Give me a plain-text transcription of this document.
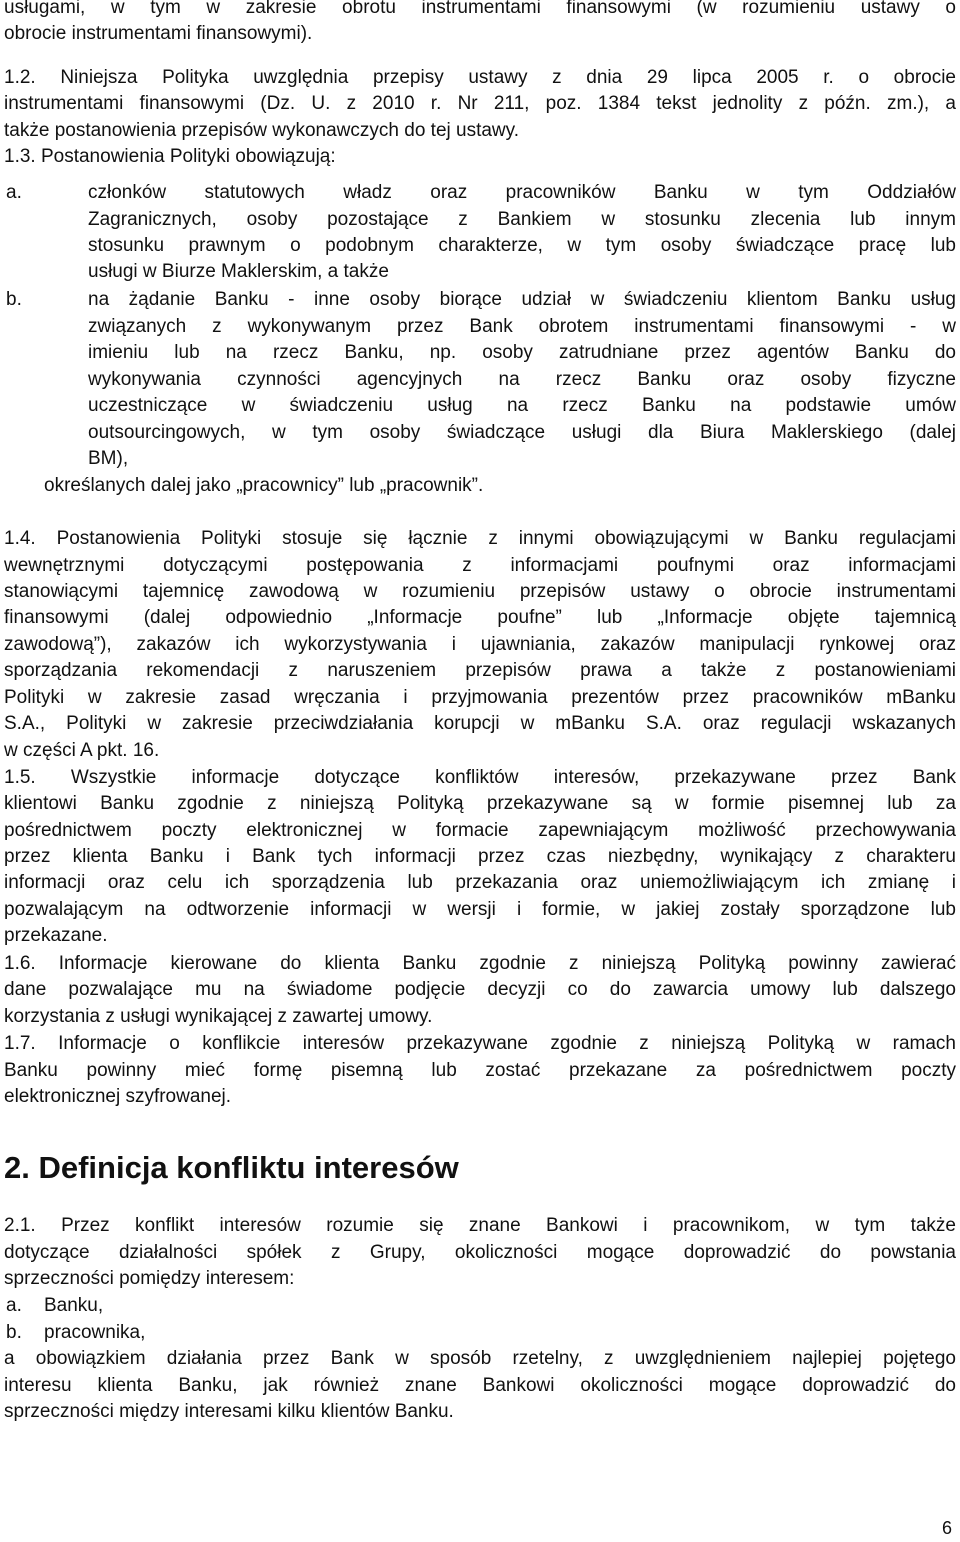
usługami, w tym w zakresie obrotu instrumentami finansowymi (w rozumieniu ustawy o
obrocie instrumentami finansowymi).
1.2. Niniejsza Polityka uwzględnia przepisy ustawy z dnia 29 lipca 2005 r. o obrocie
instrumentami finansowymi (Dz. U. z 2010 r. Nr 211, poz. 1384 tekst jednolity z późn. zm.), a
także postanowienia przepisów wykonawczych do tej ustawy.
1.3. Postanowienia Polityki obowiązują:
a.	członków statutowych władz oraz pracowników Banku w tym Oddziałów
Zagranicznych, osoby pozostające z Bankiem w stosunku zlecenia lub innym
stosunku prawnym o podobnym charakterze, w tym osoby świadczące pracę lub
usługi w Biurze Maklerskim, a także
b.	na żądanie Banku - inne osoby biorące udział w świadczeniu klientom Banku usług
związanych z wykonywanym przez Bank obrotem instrumentami finansowymi - w
imieniu lub na rzecz Banku, np. osoby zatrudniane przez agentów Banku do
wykonywania czynności agencyjnych na rzecz Banku oraz osoby fizyczne
uczestniczące w świadczeniu usług na rzecz Banku na podstawie umów
outsourcingowych, w tym osoby świadczące usługi dla Biura Maklerskiego (dalej
BM),
określanych dalej jako „pracownicy” lub „pracownik”.
1.4. Postanowienia Polityki stosuje się łącznie z innymi obowiązującymi w Banku regulacjami
wewnętrznymi dotyczącymi postępowania z informacjami poufnymi oraz informacjami
stanowiącymi tajemnicę zawodową w rozumieniu przepisów ustawy o obrocie instrumentami
finansowymi (dalej odpowiednio „Informacje poufne” lub „Informacje objęte tajemnicą
zawodową”), zakazów ich wykorzystywania i ujawniania, zakazów manipulacji rynkowej oraz
sporządzania rekomendacji z naruszeniem przepisów prawa a także z postanowieniami
Polityki w zakresie zasad wręczania i przyjmowania prezentów przez pracowników mBanku
S.A., Polityki w zakresie przeciwdziałania korupcji w mBanku S.A. oraz regulacji wskazanych
w części A pkt. 16.
1.5. Wszystkie informacje dotyczące konfliktów interesów, przekazywane przez Bank
klientowi Banku zgodnie z niniejszą Polityką przekazywane są w formie pisemnej lub za
pośrednictwem poczty elektronicznej w formacie zapewniającym możliwość przechowywania
przez klienta Banku i Bank tych informacji przez czas niezbędny, wynikający z charakteru
informacji oraz celu ich sporządzenia lub przekazania oraz uniemożliwiającym ich zmianę i
pozwalającym na odtworzenie informacji w wersji i formie, w jakiej zostały sporządzone lub
przekazane.
1.6. Informacje kierowane do klienta Banku zgodnie z niniejszą Polityką powinny zawierać
dane pozwalające mu na świadome podjęcie decyzji co do zawarcia umowy lub dalszego
korzystania z usługi wynikającej z zawartej umowy.
1.7. Informacje o konflikcie interesów przekazywane zgodnie z niniejszą Polityką w ramach
Banku powinny mieć formę pisemną lub zostać przekazane za pośrednictwem poczty
elektronicznej szyfrowanej.
2. Definicja konfliktu interesów
2.1. Przez konflikt interesów rozumie się znane Bankowi i pracownikom, w tym także
dotyczące działalności spółek z Grupy, okoliczności mogące doprowadzić do powstania
sprzeczności pomiędzy interesem:
a.	Banku,
b.	pracownika,
a obowiązkiem działania przez Bank w sposób rzetelny, z uwzględnieniem najlepiej pojętego
interesu klienta Banku, jak również znane Bankowi okoliczności mogące doprowadzić do
sprzeczności między interesami kilku klientów Banku.
6
